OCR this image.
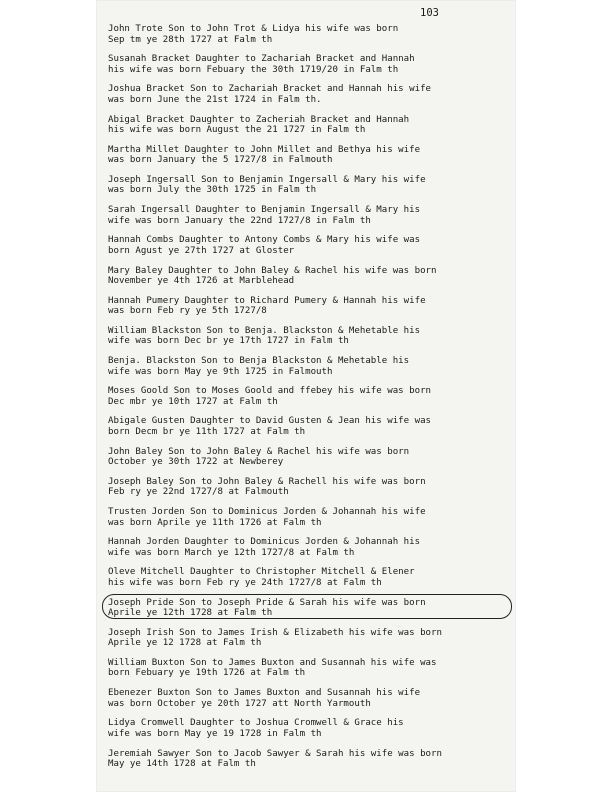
103
John Trote Son to John Trot & Lidya his wife was born
Sep tm ye 28th 1727 at Falm th
Susanah Bracket Daughter to Zachariah Bracket and Hannah
his wife was born Febuary the 30th 1719/20 in Falm th
Joshua Bracket Son to Zachariah Bracket and Hannah his wife
was born June the 21st 1724 in Falm th.
Abigal Bracket Daughter to Zacheriah Bracket and Hannah
his wife was born August the 21 1727 in Falm th
Martha Millet Daughter to John Millet and Bethya his wife
was born January the 5 1727/8 in Falmouth
Joseph Ingersall Son to Benjamin Ingersall & Mary his wife
was born July the 30th 1725 in Falm th
Sarah Ingersall Daughter to Benjamin Ingersall & Mary his
wife was born January the 22nd 1727/8 in Falm th
Hannah Combs Daughter to Antony Combs & Mary his wife was
born Agust ye 27th 1727 at Gloster
Mary Baley Daughter to John Baley & Rachel his wife was born
November ye 4th 1726 at Marblehead
Hannah Pumery Daughter to Richard Pumery & Hannah his wife
was born Feb ry ye 5th 1727/8
William Blackston Son to Benja. Blackston & Mehetable his
wife was born Dec br ye 17th 1727 in Falm th
Benja. Blackston Son to Benja Blackston & Mehetable his
wife was born May ye 9th 1725 in Falmouth
Moses Goold Son to Moses Goold and ffebey his wife was born
Dec mbr ye 10th 1727 at Falm th
Abigale Gusten Daughter to David Gusten & Jean his wife was
born Decm br ye 11th 1727 at Falm th
John Baley Son to John Baley & Rachel his wife was born
October ye 30th 1722 at Newberey
Joseph Baley Son to John Baley & Rachell his wife was born
Feb ry ye 22nd 1727/8 at Falmouth
Trusten Jorden Son to Dominicus Jorden & Johannah his wife
was born Aprile ye 11th 1726 at Falm th
Hannah Jorden Daughter to Dominicus Jorden & Johannah his
wife was born March ye 12th 1727/8 at Falm th
Oleve Mitchell Daughter to Christopher Mitchell & Elener
his wife was born Feb ry ye 24th 1727/8 at Falm th
Joseph Pride Son to Joseph Pride & Sarah his wife was born
Aprile ye 12th 1728 at Falm th
Joseph Irish Son to James Irish & Elizabeth his wife was born
Aprile ye 12 1728 at Falm th
William Buxton Son to James Buxton and Susannah his wife was
born Febuary ye 19th 1726 at Falm th
Ebenezer Buxton Son to James Buxton and Susannah his wife
was born October ye 20th 1727 att North Yarmouth
Lidya Cromwell Daughter to Joshua Cromwell & Grace his
wife was born May ye 19 1728 in Falm th
Jeremiah Sawyer Son to Jacob Sawyer & Sarah his wife was born
May ye 14th 1728 at Falm th
